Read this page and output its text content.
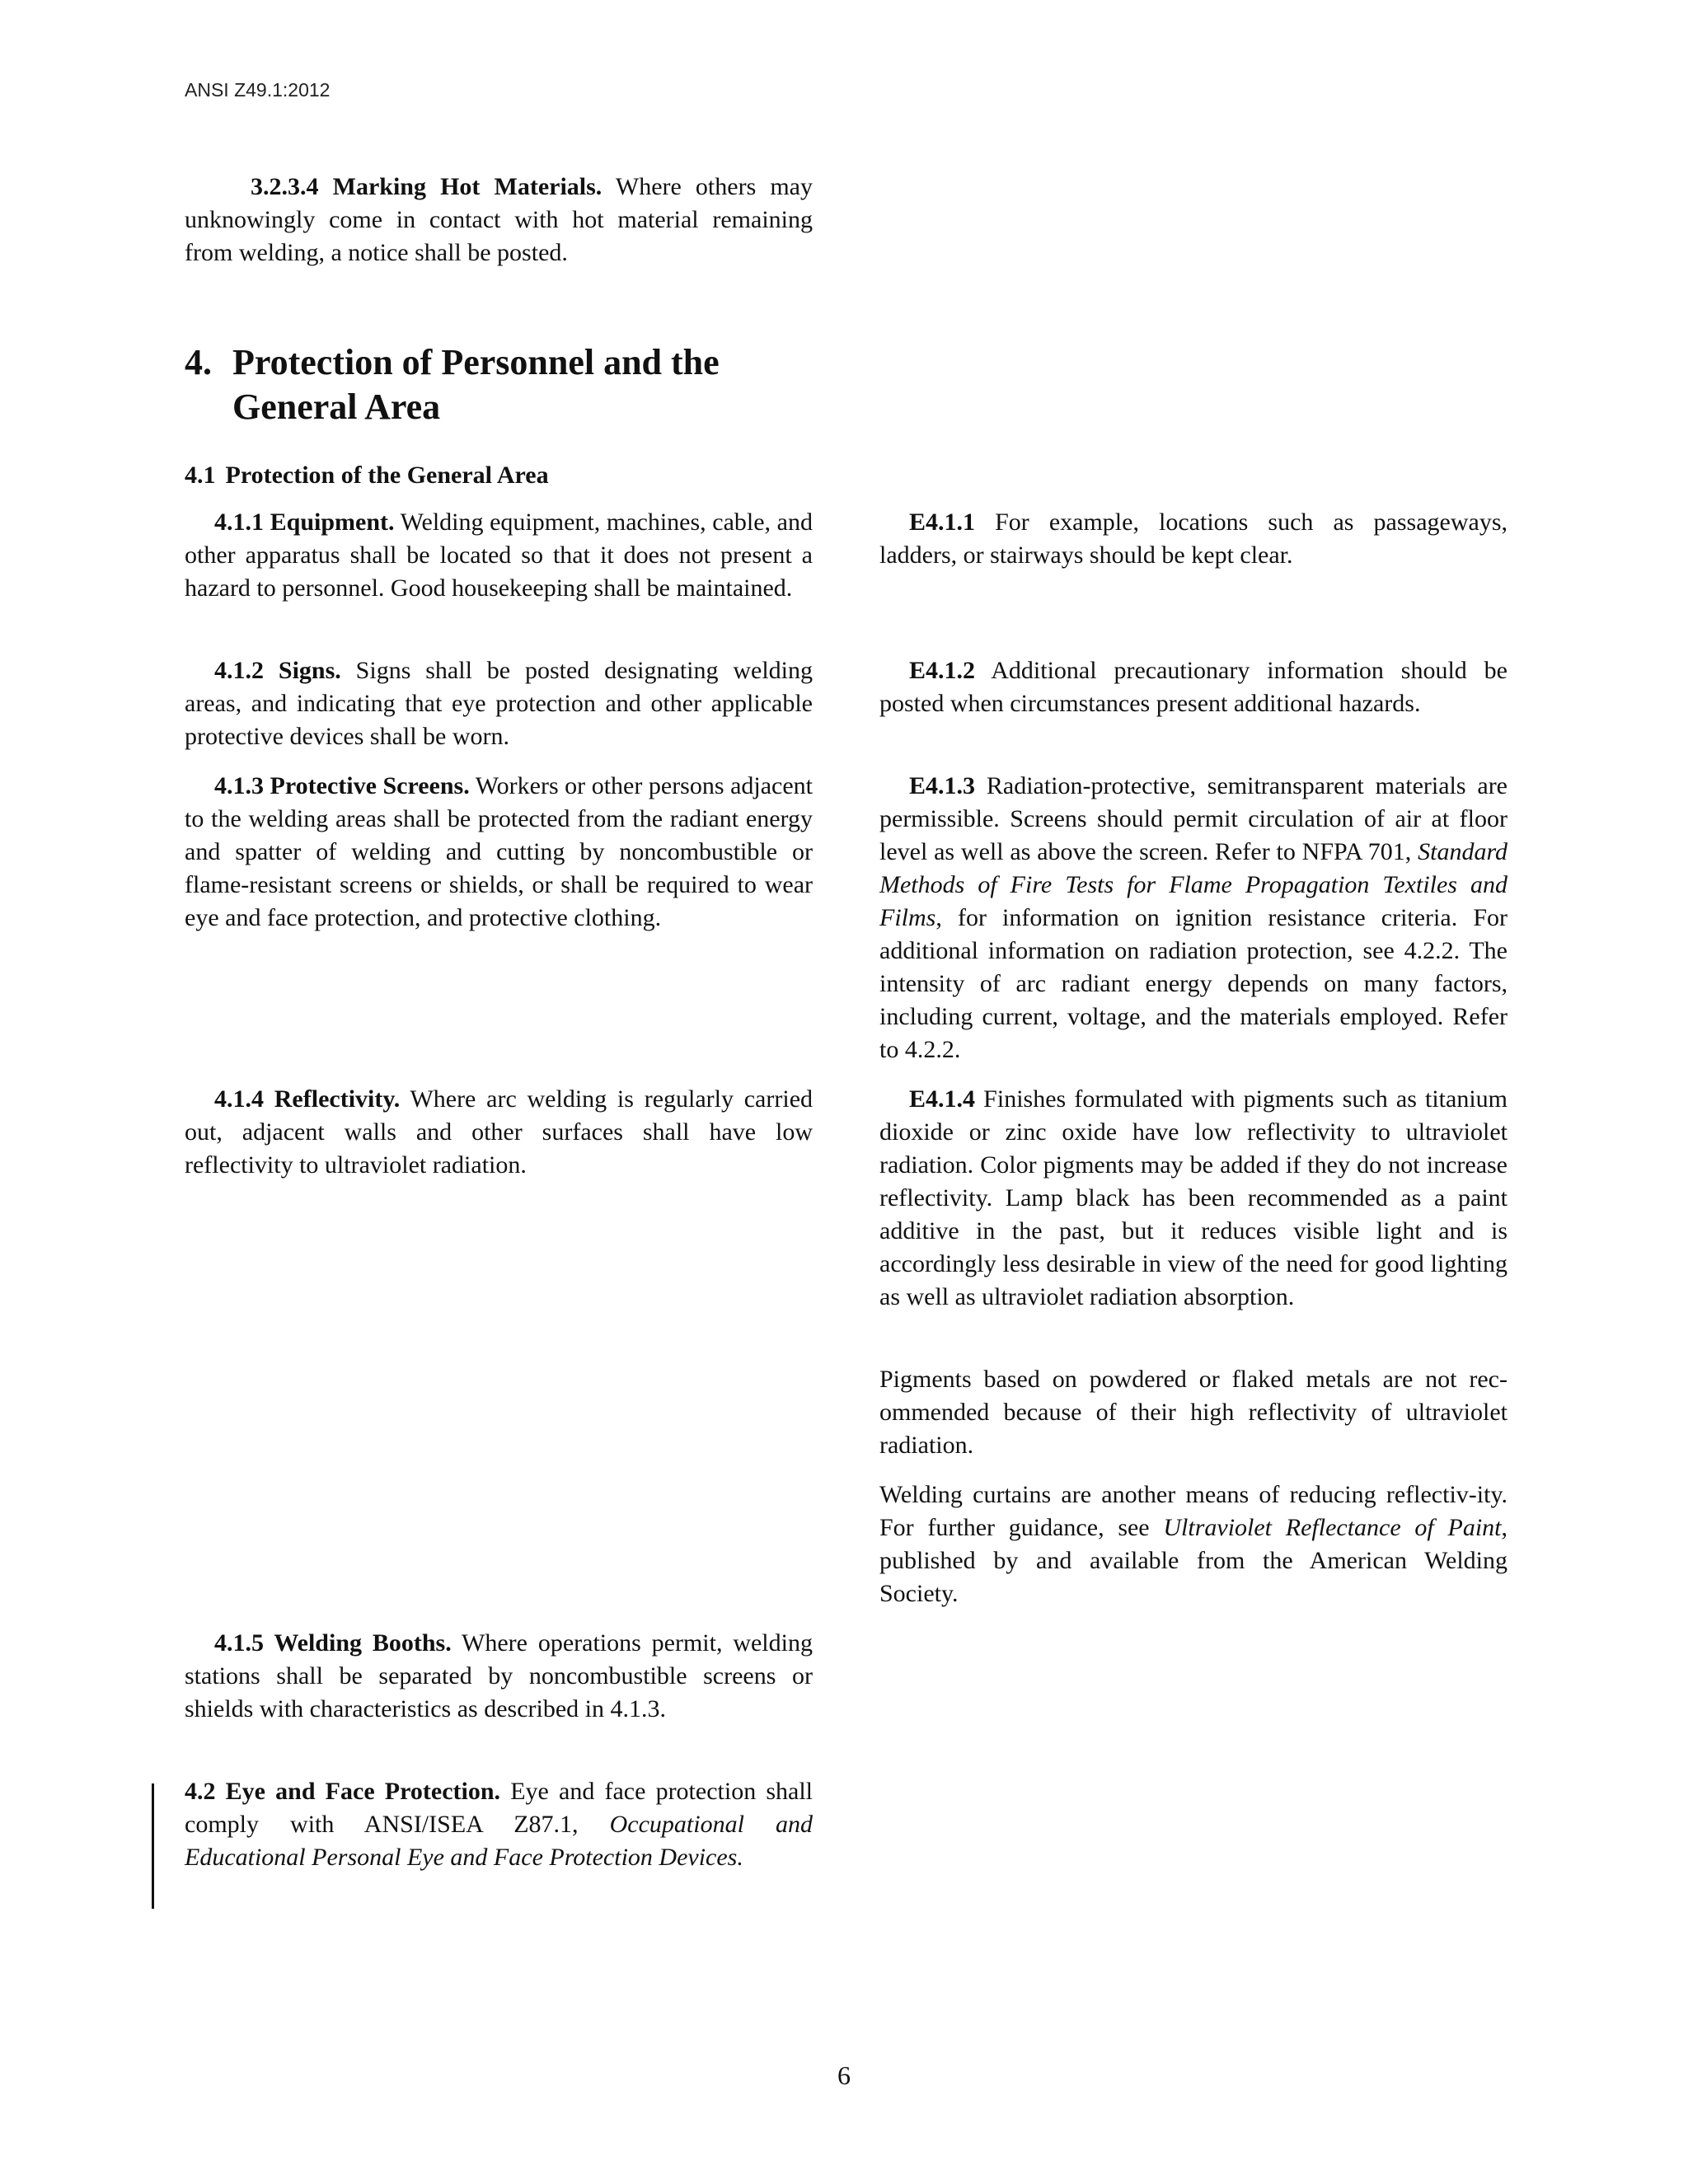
ANSI Z49.1:2012

3.2.3.4 Marking Hot Materials. Where others may unknowingly come in contact with hot material remaining from welding, a notice shall be posted.

4. Protection of Personnel and the
General Area
4.1 Protection of the General Area

4.1.1 Equipment. Welding equipment, machines, cable, and other apparatus shall be located so that it does not present a hazard to personnel. Good housekeeping shall be maintained.

E4.1.1 For example, locations such as passageways, ladders, or stairways should be kept clear.

4.1.2 Signs. Signs shall be posted designating welding areas, and indicating that eye protection and other applicable protective devices shall be worn.

E4.1.2 Additional precautionary information should be posted when circumstances present additional hazards.

4.1.3 Protective Screens. Workers or other persons adjacent to the welding areas shall be protected from the radiant energy and spatter of welding and cutting by noncombustible or flame-resistant screens or shields, or shall be required to wear eye and face protection, and protective clothing.

E4.1.3 Radiation-protective, semitransparent materials are permissible. Screens should permit circulation of air at floor level as well as above the screen. Refer to NFPA 701, Standard Methods of Fire Tests for Flame Propagation Textiles and Films, for information on ignition resistance criteria. For additional information on radiation protection, see 4.2.2. The intensity of arc radiant energy depends on many factors, including current, voltage, and the materials employed. Refer to 4.2.2.

4.1.4 Reflectivity. Where arc welding is regularly carried out, adjacent walls and other surfaces shall have low reflectivity to ultraviolet radiation.

E4.1.4 Finishes formulated with pigments such as titanium dioxide or zinc oxide have low reflectivity to ultraviolet radiation. Color pigments may be added if they do not increase reflectivity. Lamp black has been recommended as a paint additive in the past, but it reduces visible light and is accordingly less desirable in view of the need for good lighting as well as ultraviolet radiation absorption.

Pigments based on powdered or flaked metals are not rec-ommended because of their high reflectivity of ultraviolet radiation.

Welding curtains are another means of reducing reflectiv-ity. For further guidance, see Ultraviolet Reflectance of Paint, published by and available from the American Welding Society.

4.1.5 Welding Booths. Where operations permit, welding stations shall be separated by noncombustible screens or shields with characteristics as described in 4.1.3.

4.2 Eye and Face Protection. Eye and face protection shall comply with ANSI/ISEA Z87.1, Occupational and Educational Personal Eye and Face Protection Devices.

6
